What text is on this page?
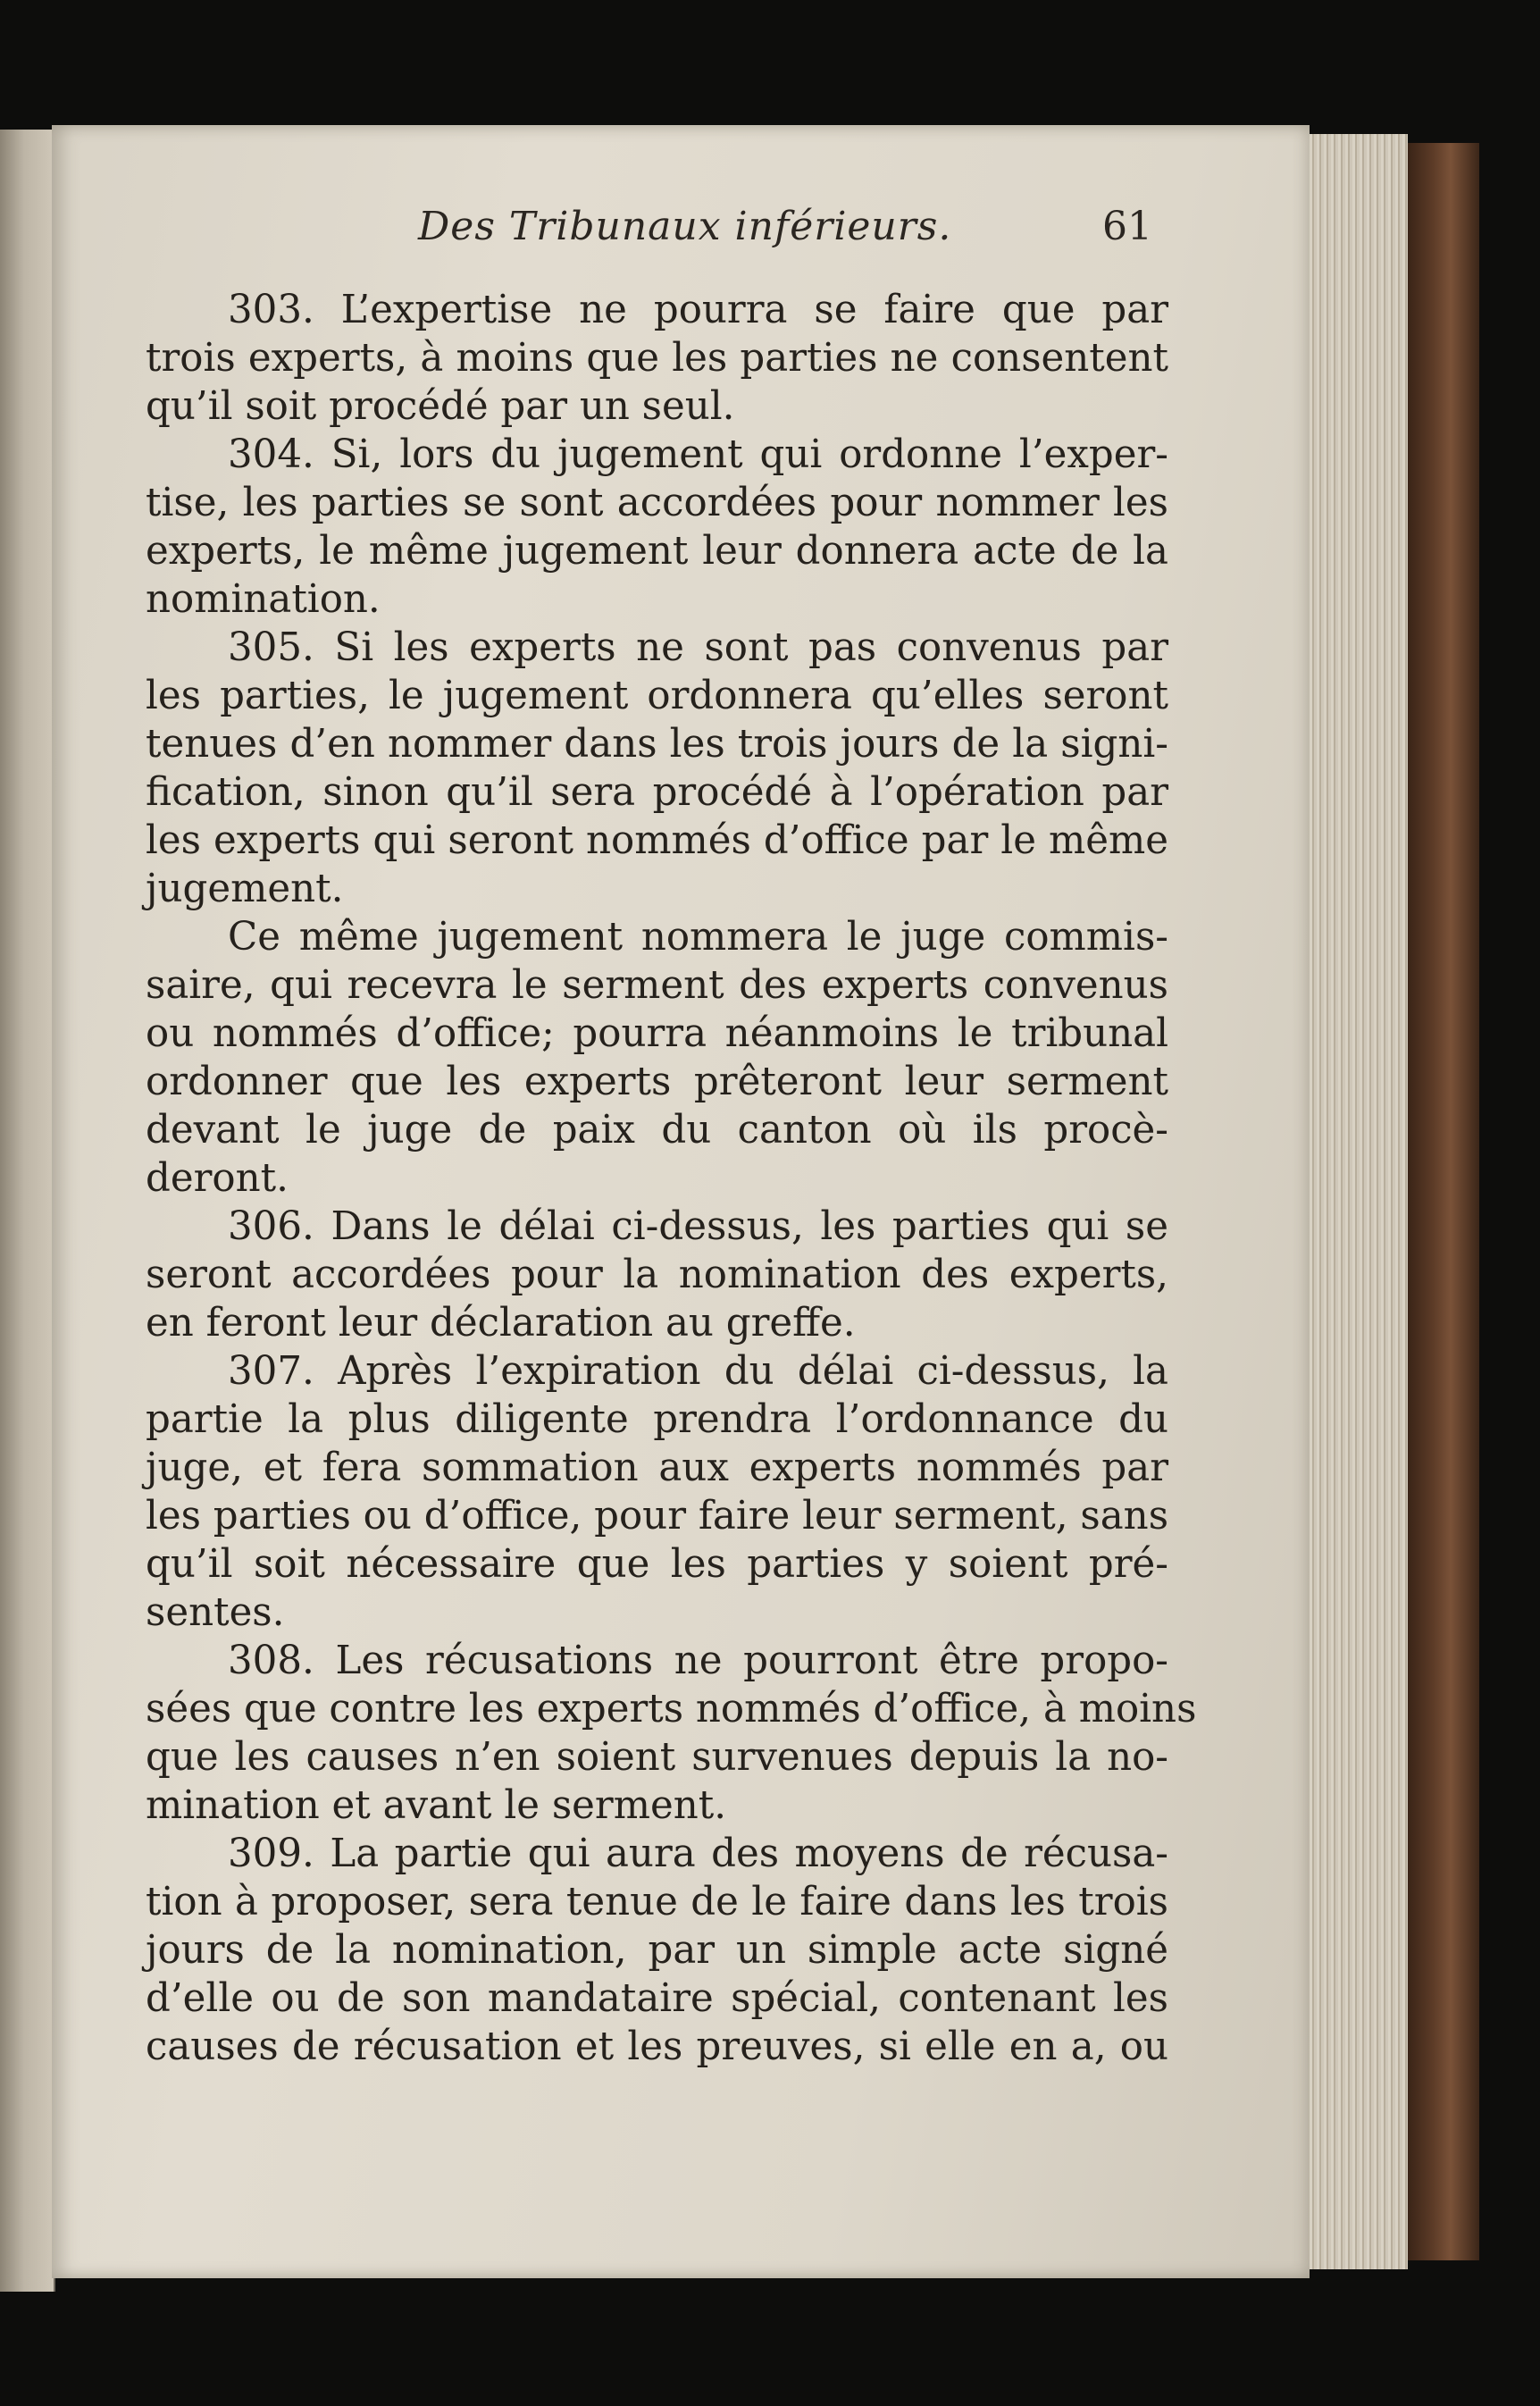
Des Tribunaux inférieurs.	61
303. L’expertise ne pourra se faire que par
trois experts, à moins que les parties ne consentent
qu’il soit procédé par un seul.
304. Si, lors du jugement qui ordonne l’exper-
tise, les parties se sont accordées pour nommer les
experts, le même jugement leur donnera acte de la
nomination.
305. Si les experts ne sont pas convenus par
les parties, le jugement ordonnera qu’elles seront
tenues d’en nommer dans les trois jours de la signi-
fication, sinon qu’il sera procédé à l’opération par
les experts qui seront nommés d’office par le même
jugement.
Ce même jugement nommera le juge commis-
saire, qui recevra le serment des experts convenus
ou nommés d’office; pourra néanmoins le tribunal
ordonner que les experts prêteront leur serment
devant le juge de paix du canton où ils procè-
deront.
306. Dans le délai ci-dessus, les parties qui se
seront accordées pour la nomination des experts,
en feront leur déclaration au greffe.
307. Après l’expiration du délai ci-dessus, la
partie la plus diligente prendra l’ordonnance du
juge, et fera sommation aux experts nommés par
les parties ou d’office, pour faire leur serment, sans
qu’il soit nécessaire que les parties y soient pré-
sentes.
308. Les récusations ne pourront être propo-
sées que contre les experts nommés d’office, à moins
que les causes n’en soient survenues depuis la no-
mination et avant le serment.
309. La partie qui aura des moyens de récusa-
tion à proposer, sera tenue de le faire dans les trois
jours de la nomination, par un simple acte signé
d’elle ou de son mandataire spécial, contenant les
causes de récusation et les preuves, si elle en a, ou
